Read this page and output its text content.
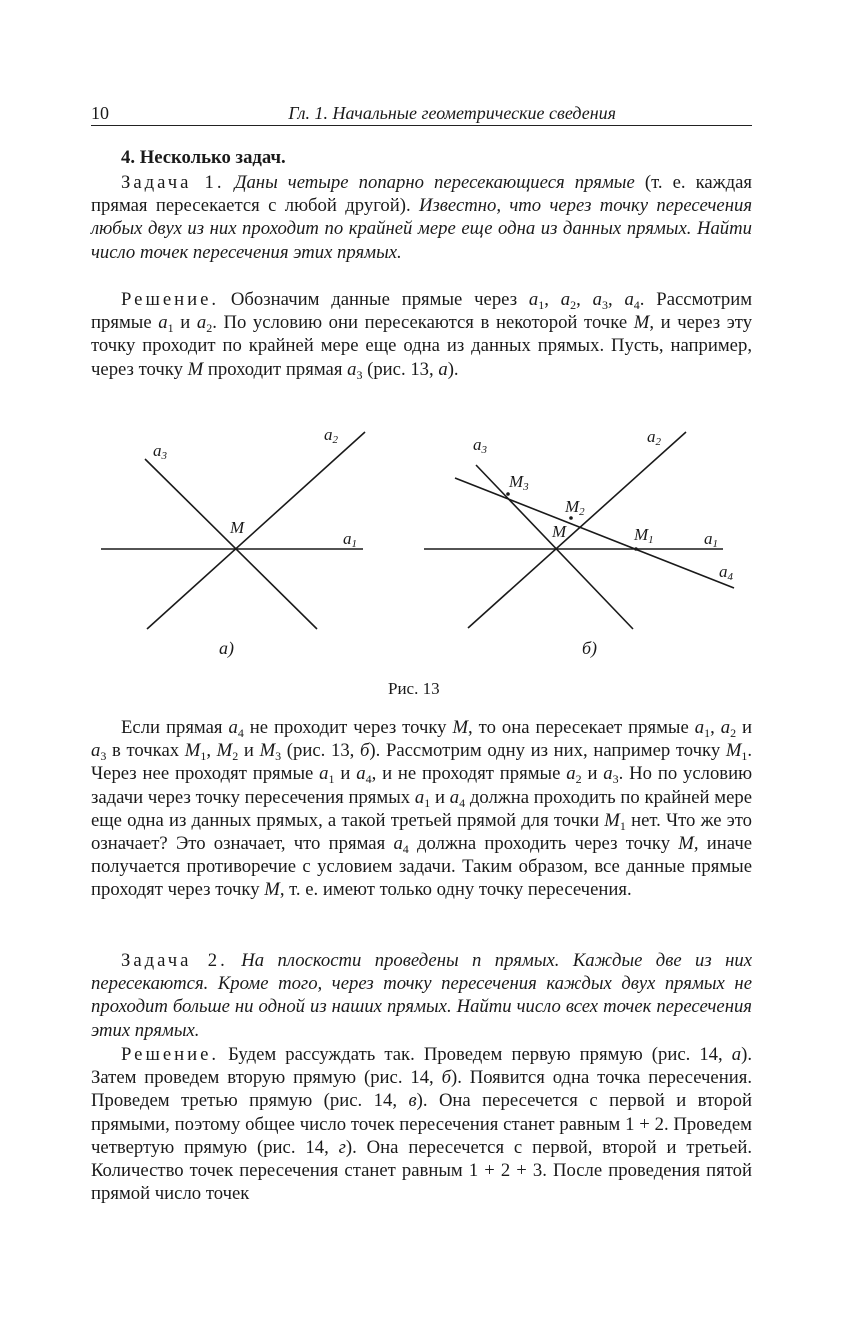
10	Гл. 1. Начальные геометрические сведения

4. Несколько задач.

Задача 1. Даны четыре попарно пересекающиеся прямые (т. е. каждая прямая пересекается с любой другой). Известно, что через точку пересечения любых двух из них проходит по крайней мере еще одна из данных прямых. Найти число точек пересечения этих прямых.

Решение. Обозначим данные прямые через $a_1$, $a_2$, $a_3$, $a_4$. Рассмотрим прямые $a_1$ и $a_2$. По условию они пересекаются в некоторой точке M, и через эту точку проходит по крайней мере еще одна из данных прямых. Пусть, например, через точку M проходит прямая $a_3$ (рис. 13, а).

a3
a2
a1
M
a3
a2
a1
a4
M3
M2
M	M1
а)	б)
Рис. 13

Если прямая $a_4$ не проходит через точку M, то она пересекает прямые $a_1$, $a_2$ и $a_3$ в точках $M_1$, $M_2$ и $M_3$ (рис. 13, б). Рассмотрим одну из них, например точку $M_1$. Через нее проходят прямые $a_1$ и $a_4$, и не проходят прямые $a_2$ и $a_3$. Но по условию задачи через точку пересечения прямых $a_1$ и $a_4$ должна проходить по крайней мере еще одна из данных прямых, а такой третьей прямой для точки $M_1$ нет. Что же это означает? Это означает, что прямая $a_4$ должна проходить через точку M, иначе получается противоречие с условием задачи. Таким образом, все данные прямые проходят через точку M, т. е. имеют только одну точку пересечения.

Задача 2. На плоскости проведены n прямых. Каждые две из них пересекаются. Кроме того, через точку пересечения каждых двух прямых не проходит больше ни одной из наших прямых. Найти число всех точек пересечения этих прямых.

Решение. Будем рассуждать так. Проведем первую прямую (рис. 14, а). Затем проведем вторую прямую (рис. 14, б). Появится одна точка пересечения. Проведем третью прямую (рис. 14, в). Она пересечется с первой и второй прямыми, поэтому общее число точек пересечения станет равным 1 + 2. Проведем четвертую прямую (рис. 14, г). Она пересечется с первой, второй и третьей. Количество точек пересечения станет равным 1 + 2 + 3. После проведения пятой прямой число точек
